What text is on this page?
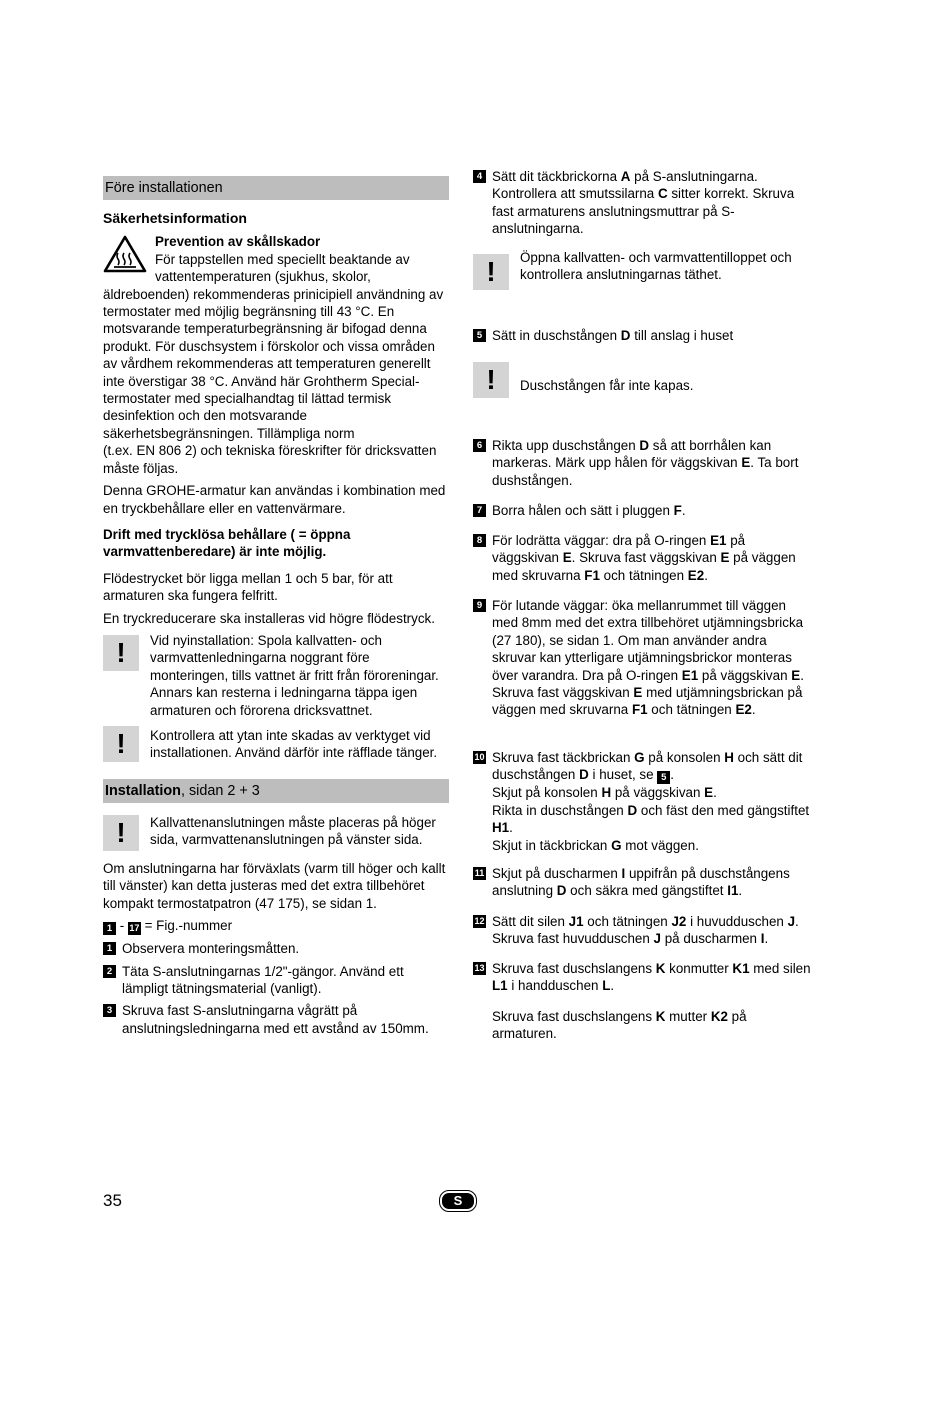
Före installationen
Säkerhetsinformation

Prevention av skållskador

För tappstellen med speciellt beaktande av

vattentemperaturen (sjukhus, skolor,

äldreboenden) rekommenderas prinicipiell användning av termostater med möjlig begränsning till 43 °C. En motsvarande temperaturbegränsning är bifogad denna produkt. För duschsystem i förskolor och vissa områden av vårdhem rekommenderas att temperaturen generellt inte överstigar 38 °C. Använd här Grohtherm Special-termostater med specialhandtag til lättad termisk desinfektion och den motsvarande säkerhetsbegränsningen. Tillämpliga norm

(t.ex. EN 806 2) och tekniska föreskrifter för dricksvatten måste följas.

Denna GROHE-armatur kan användas i kombination med en tryckbehållare eller en vattenvärmare.

Drift med trycklösa behållare ( = öppna varmvattenberedare) är inte möjlig.

Flödestrycket bör ligga mellan 1 och 5 bar, för att armaturen ska fungera felfritt.

En tryckreducerare ska installeras vid högre flödestryck.

! Vid nyinstallation: Spola kallvatten- och varmvattenledningarna noggrant före monteringen, tills vattnet är fritt från föroreningar. Annars kan resterna i ledningarna täppa igen armaturen och förorena dricksvattnet.

! Kontrollera att ytan inte skadas av verktyget vid installationen. Använd därför inte räfflade tänger.

Installation, sidan 2 + 3
! Kallvattenanslutningen måste placeras på höger sida, varmvattenanslutningen på vänster sida.

Om anslutningarna har förväxlats (varm till höger och kallt till vänster) kan detta justeras med det extra tillbehöret kompakt termostatpatron (47 175), se sidan 1.

1 - 17 = Fig.-nummer

1 Observera monteringsmåtten.

2 Täta S-anslutningarnas 1/2"-gängor. Använd ett lämpligt tätningsmaterial (vanligt).

3 Skruva fast S-anslutningarna vågrätt på anslutningsledningarna med ett avstånd av 150mm.

4 Sätt dit täckbrickorna A på S-anslutningarna. Kontrollera att smutssilarna C sitter korrekt. Skruva fast armaturens anslutningsmuttrar på S-anslutningarna.

! Öppna kallvatten- och varmvattentilloppet och kontrollera anslutningarnas täthet.

5 Sätt in duschstången D till anslag i huset

! Duschstången får inte kapas.

6 Rikta upp duschstången D så att borrhålen kan markeras. Märk upp hålen för väggskivan E. Ta bort dushstången.

7 Borra hålen och sätt i pluggen F.

8 För lodrätta väggar: dra på O-ringen E1 på väggskivan E. Skruva fast väggskivan E på väggen med skruvarna F1 och tätningen E2.

9 För lutande väggar: öka mellanrummet till väggen med 8mm med det extra tillbehöret utjämningsbricka (27 180), se sidan 1. Om man använder andra skruvar kan ytterligare utjämningsbrickor monteras över varandra. Dra på O-ringen E1 på väggskivan E. Skruva fast väggskivan E med utjämningsbrickan på väggen med skruvarna F1 och tätningen E2.

10 Skruva fast täckbrickan G på konsolen H och sätt dit duschstången D i huset, se 5 .

Skjut på konsolen H på väggskivan E.

Rikta in duschstången D och fäst den med gängstiftet H1.

Skjut in täckbrickan G mot väggen.

11 Skjut på duscharmen I uppifrån på duschstångens anslutning D och säkra med gängstiftet I1.

12 Sätt dit silen J1 och tätningen J2 i huvudduschen J. Skruva fast huvudduschen J på duscharmen I.

13 Skruva fast duschslangens K konmutter K1 med silen L1 i handduschen L.

Skruva fast duschslangens K mutter K2 på armaturen.

35	S
